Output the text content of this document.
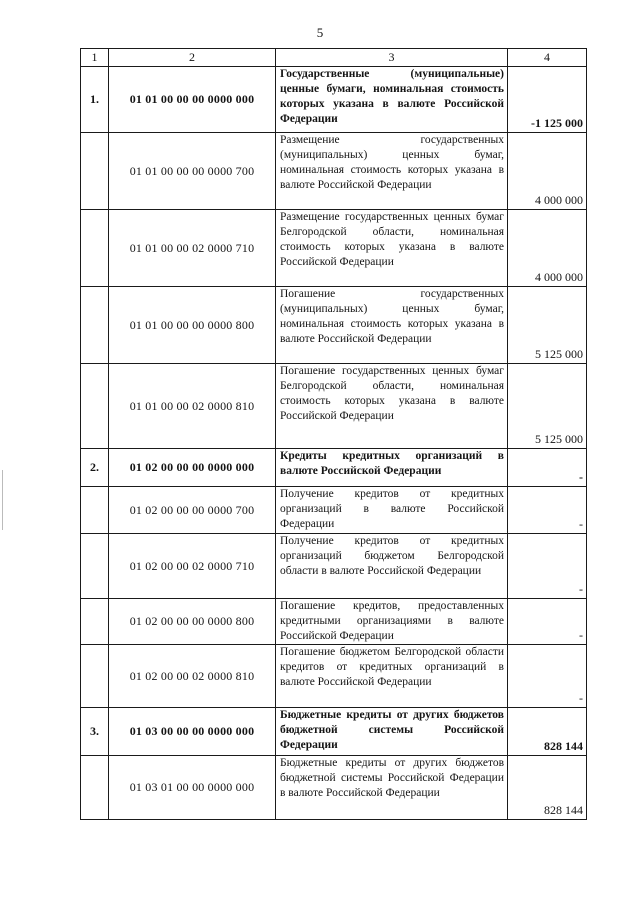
5
1	2	3	4
1.	01 01 00 00 00 0000 000	Государственные (муниципальные) ценные бумаги, номинальная стоимость которых указана в валюте Российской Федерации	-1 125 000
	01 01 00 00 00 0000 700	Размещение государственных (муниципальных) ценных бумаг, номинальная стоимость которых указана в валюте Российской Федерации	4 000 000
	01 01 00 00 02 0000 710	Размещение государственных ценных бумаг Белгородской области, номинальная стоимость которых указана в валюте Российской Федерации	4 000 000
	01 01 00 00 00 0000 800	Погашение государственных (муниципальных) ценных бумаг, номинальная стоимость которых указана в валюте Российской Федерации	5 125 000
	01 01 00 00 02 0000 810	Погашение государственных ценных бумаг Белгородской области, номинальная стоимость которых указана в валюте Российской Федерации	5 125 000
2.	01 02 00 00 00 0000 000	Кредиты кредитных организаций в валюте Российской Федерации	-
	01 02 00 00 00 0000 700	Получение кредитов от кредитных организаций в валюте Российской Федерации	-
	01 02 00 00 02 0000 710	Получение кредитов от кредитных организаций бюджетом Белгородской области в валюте Российской Федерации	-
	01 02 00 00 00 0000 800	Погашение кредитов, предоставленных кредитными организациями в валюте Российской Федерации	-
	01 02 00 00 02 0000 810	Погашение бюджетом Белгородской области кредитов от кредитных организаций в валюте Российской Федерации	-
3.	01 03 00 00 00 0000 000	Бюджетные кредиты от других бюджетов бюджетной системы Российской Федерации	828 144
	01 03 01 00 00 0000 000	Бюджетные кредиты от других бюджетов бюджетной системы Российской Федерации в валюте Российской Федерации	828 144
